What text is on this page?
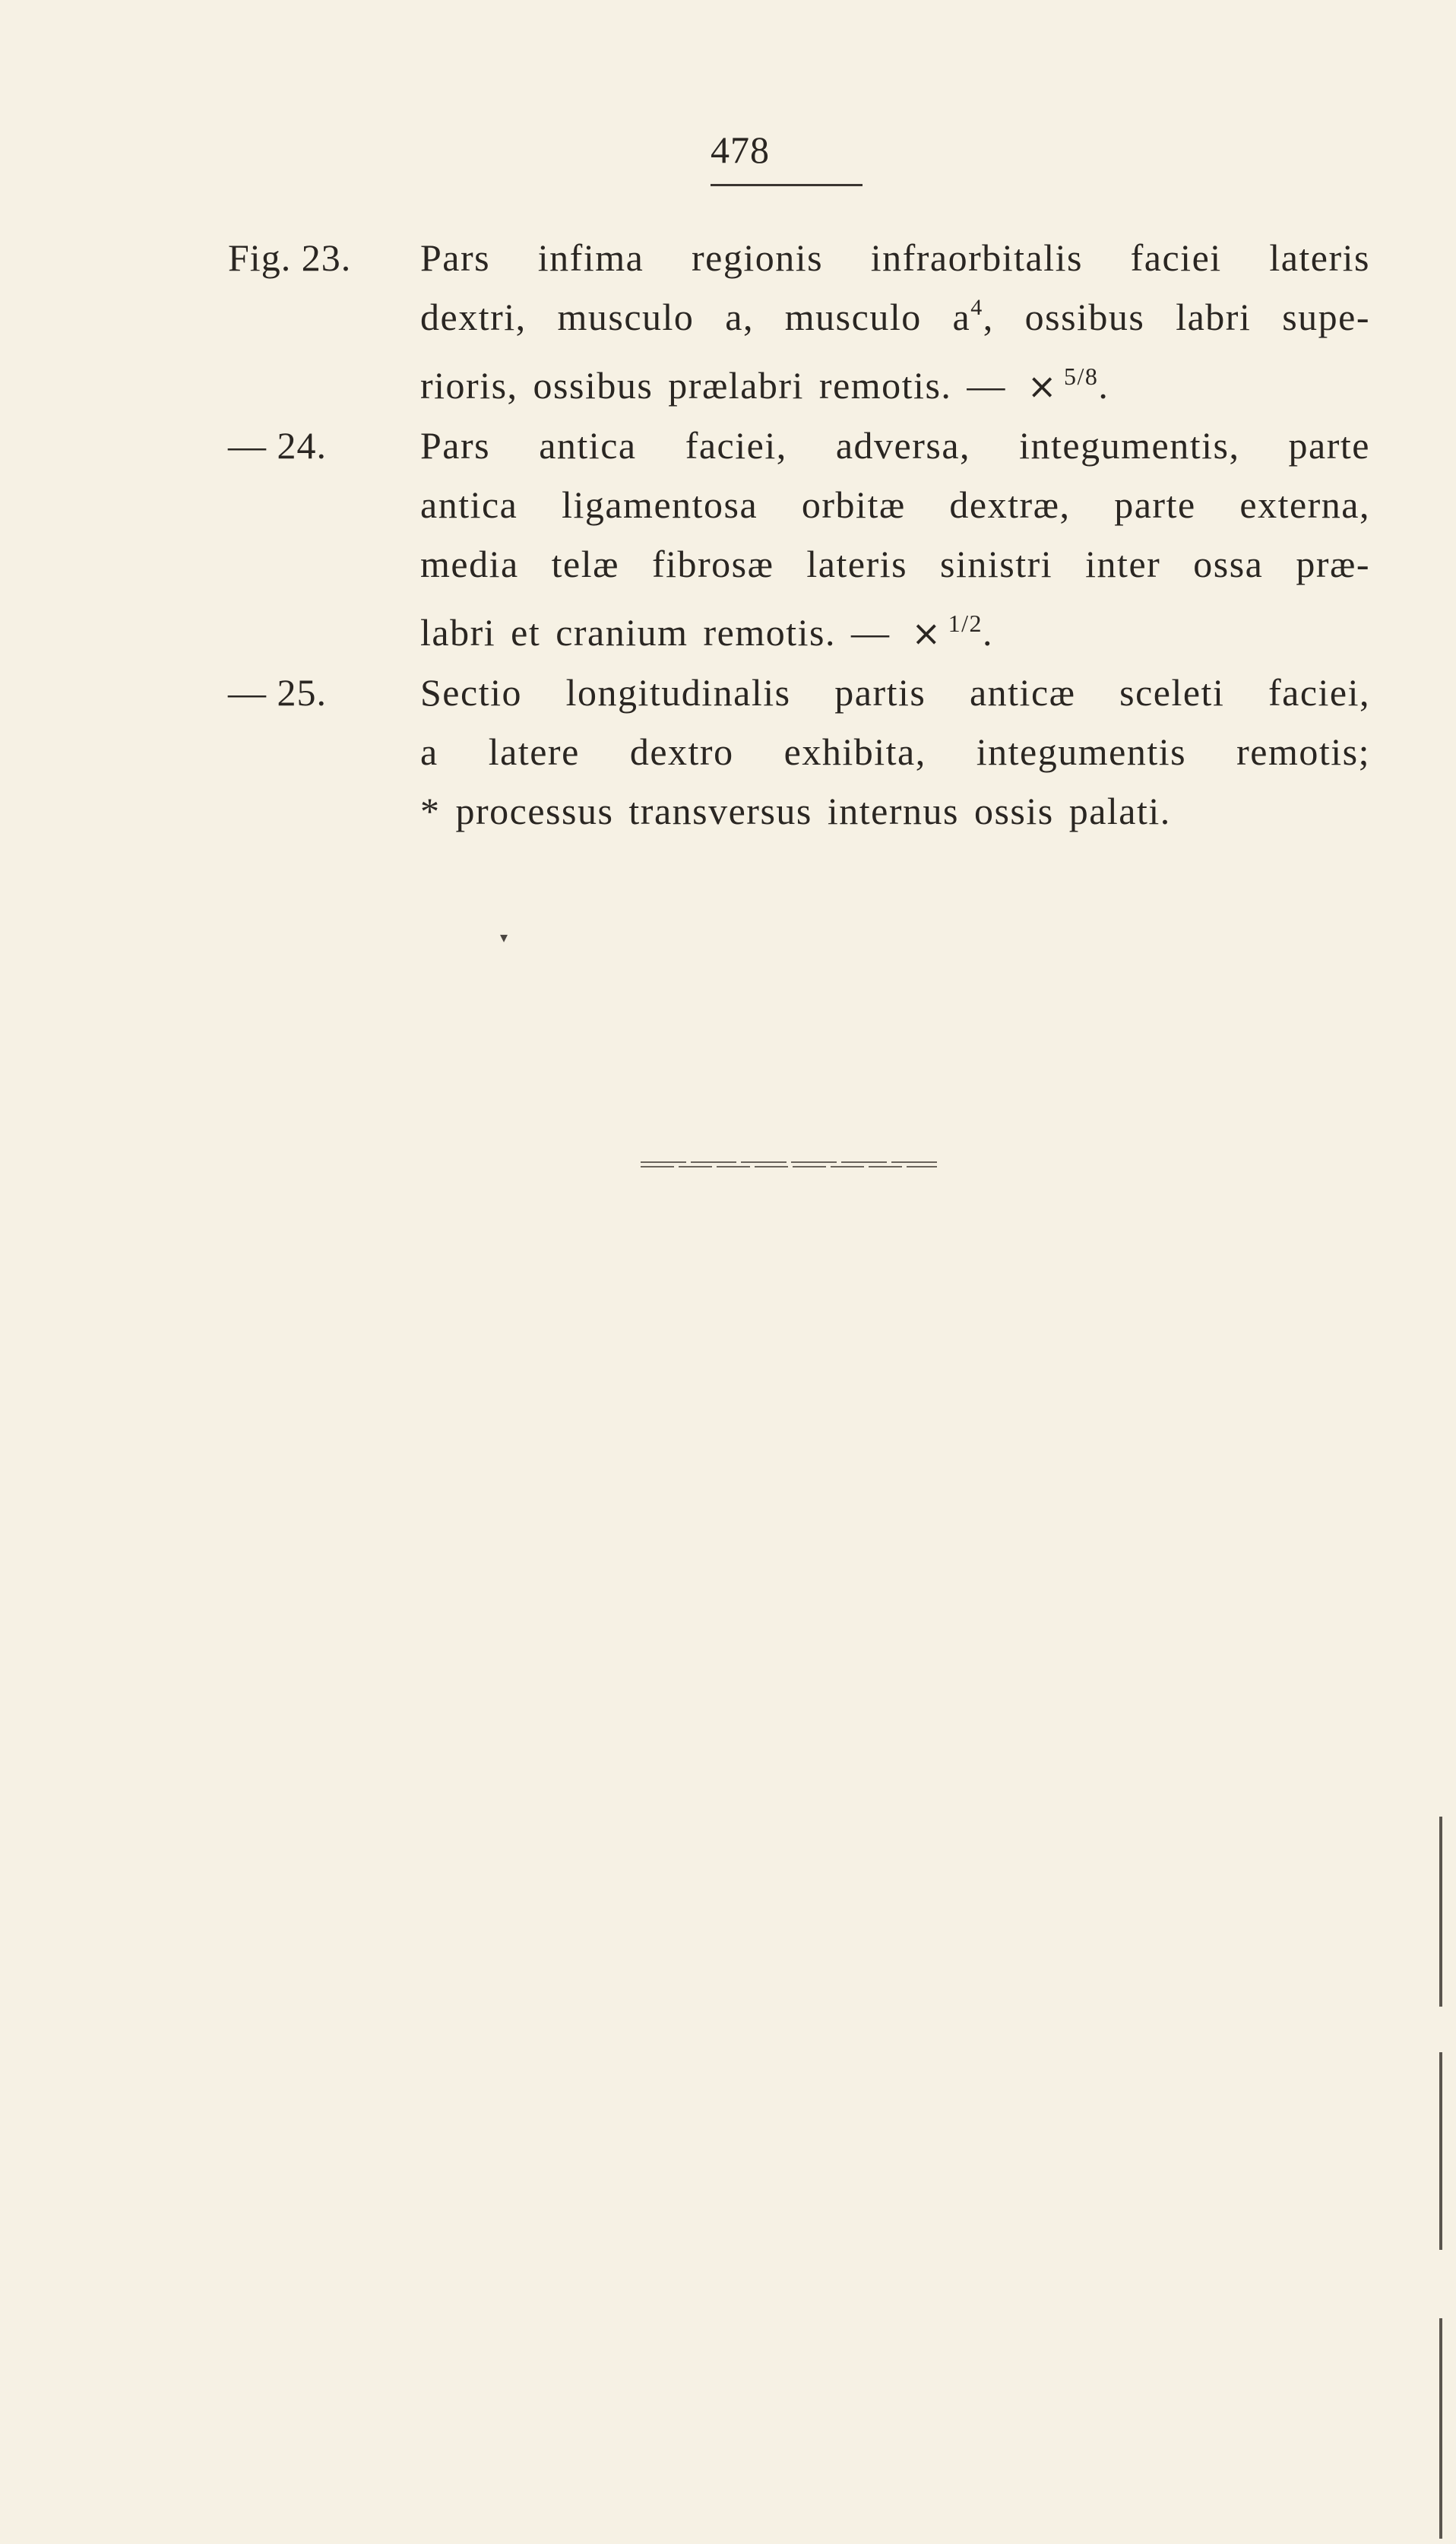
478
Fig. 23.	Pars infima regionis infraorbitalis faciei lateris
dextri, musculo a, musculo $a^4$, ossibus labri supe-
rioris, ossibus prælabri remotis. — × $^{5/8}$.
— 24.	Pars antica faciei, adversa, integumentis, parte
antica ligamentosa orbitæ dextræ, parte externa,
media telæ fibrosæ lateris sinistri inter ossa præ-
labri et cranium remotis. — × $^{1/2}$.
— 25.	Sectio longitudinalis partis anticæ sceleti faciei,
a latere dextro exhibita, integumentis remotis;
* processus transversus internus ossis palati.
▾
